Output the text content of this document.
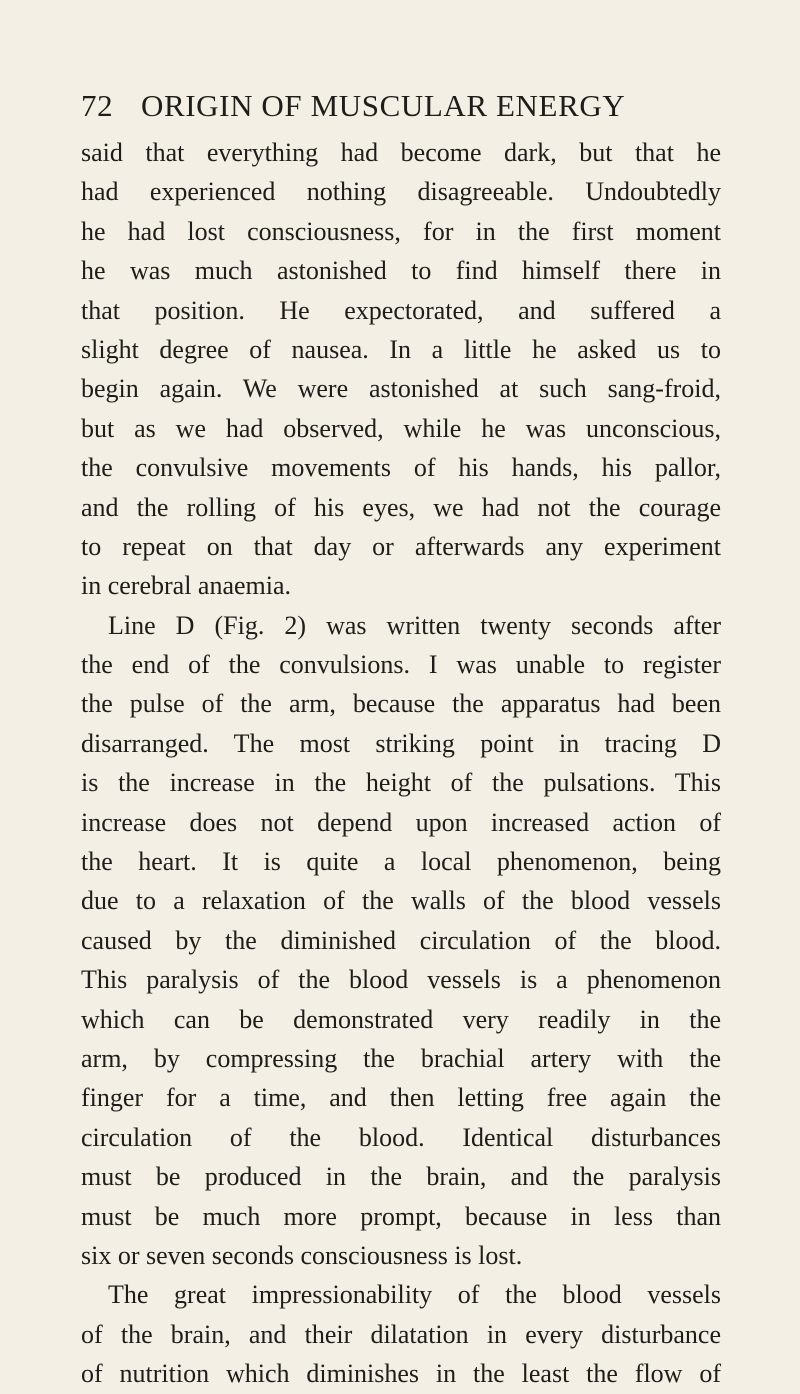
72 ORIGIN OF MUSCULAR ENERGY
said that everything had become dark, but that he
had experienced nothing disagreeable. Undoubtedly
he had lost consciousness, for in the first moment
he was much astonished to find himself there in
that position. He expectorated, and suffered a
slight degree of nausea. In a little he asked us to
begin again. We were astonished at such sang-froid,
but as we had observed, while he was unconscious,
the convulsive movements of his hands, his pallor,
and the rolling of his eyes, we had not the courage
to repeat on that day or afterwards any experiment
in cerebral anaemia.
Line D (Fig. 2) was written twenty seconds after
the end of the convulsions. I was unable to register
the pulse of the arm, because the apparatus had been
disarranged. The most striking point in tracing D
is the increase in the height of the pulsations. This
increase does not depend upon increased action of
the heart. It is quite a local phenomenon, being
due to a relaxation of the walls of the blood vessels
caused by the diminished circulation of the blood.
This paralysis of the blood vessels is a phenomenon
which can be demonstrated very readily in the
arm, by compressing the brachial artery with the
finger for a time, and then letting free again the
circulation of the blood. Identical disturbances
must be produced in the brain, and the paralysis
must be much more prompt, because in less than
six or seven seconds consciousness is lost.
The great impressionability of the blood vessels
of the brain, and their dilatation in every disturbance
of nutrition which diminishes in the least the flow of
